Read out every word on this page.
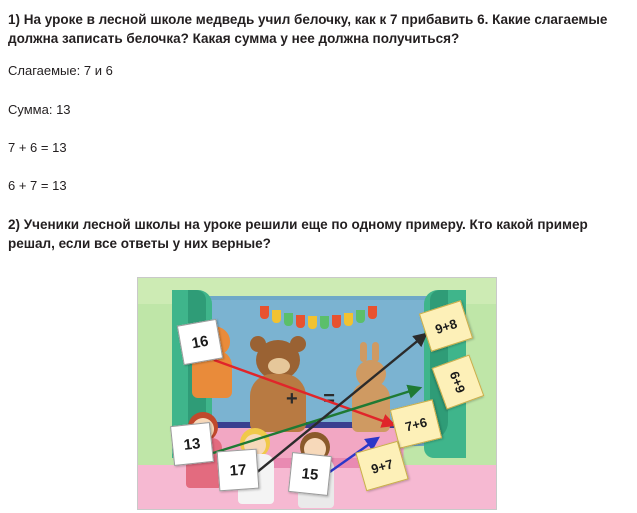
1) На уроке в лесной школе медведь учил белочку, как к 7 прибавить 6. Какие слагаемые должна записать белочка? Какая сумма у нее должна получиться?

Слагаемые: 7 и 6

Сумма: 13

7 + 6 = 13

6 + 7 = 13

2) Ученики лесной школы на уроке решили еще по одному примеру. Кто какой пример решал, если все ответы у них верные?

+ =
16
13
17	15
9+8
6+9
7+6
9+7
